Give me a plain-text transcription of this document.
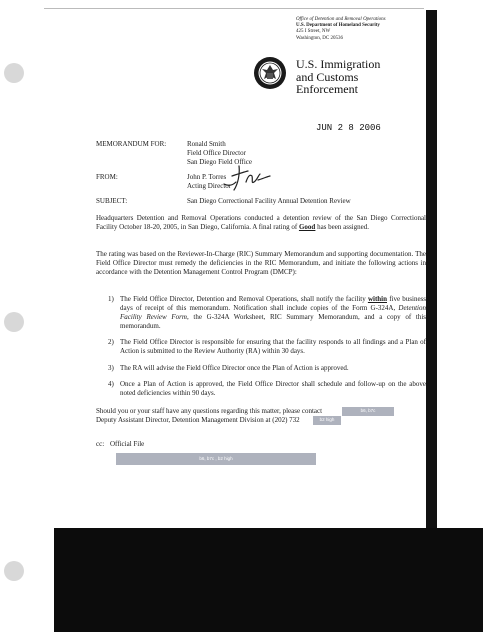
Office of Detention and Removal Operations
U.S. Department of Homeland Security
425 I Street, NW
Washington, DC 20536
U.S. Immigration
and Customs
Enforcement
JUN 2 8 2006
MEMORANDUM FOR:	Ronald Smith
Field Office Director
San Diego Field Office
FROM:	John P. Torres
Acting Director
SUBJECT:	San Diego Correctional Facility Annual Detention Review
Headquarters Detention and Removal Operations conducted a detention review of the San Diego Correctional Facility October 18-20, 2005, in San Diego, California. A final rating of Good has been assigned.
The rating was based on the Reviewer-In-Charge (RIC) Summary Memorandum and supporting documentation. The Field Office Director must remedy the deficiencies in the RIC Memorandum, and initiate the following actions in accordance with the Detention Management Control Program (DMCP):
1) The Field Office Director, Detention and Removal Operations, shall notify the facility within five business days of receipt of this memorandum. Notification shall include copies of the Form G-324A, Detention Facility Review Form, the G-324A Worksheet, RIC Summary Memorandum, and a copy of this memorandum.
2) The Field Office Director is responsible for ensuring that the facility responds to all findings and a Plan of Action is submitted to the Review Authority (RA) within 30 days.
3) The RA will advise the Field Office Director once the Plan of Action is approved.
4) Once a Plan of Action is approved, the Field Office Director shall schedule and follow-up on the above noted deficiencies within 90 days.
Should you or your staff have any questions regarding this matter, please contact	b6, b7c
Deputy Assistant Director, Detention Management Division at (202) 732	b2 high
cc: Official File
b6, b7c , b2 high
